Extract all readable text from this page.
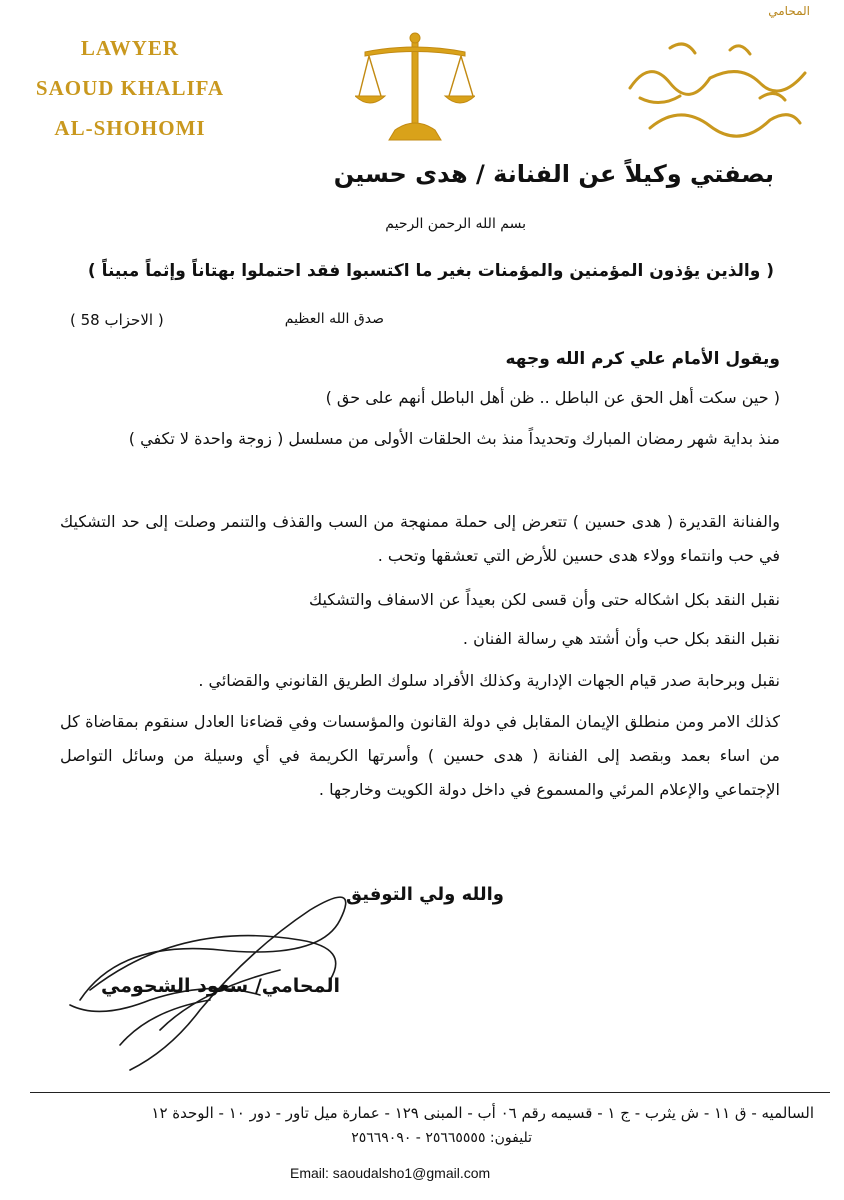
LAWYER
SAOUD KHALIFA
AL-SHOHOMI
المحامي
بصفتي وكيلاً عن الفنانة / هدى حسين
بسم الله الرحمن الرحيم
( والذين يؤذون المؤمنين والمؤمنات بغير ما اكتسبوا فقد احتملوا بهتاناً وإثماً مبيناً )
صدق الله العظيم
( الاحزاب 58 )
ويقول الأمام علي كرم الله وجهه
( حين سكت أهل الحق عن الباطل .. ظن أهل الباطل أنهم على حق )
منذ بداية شهر رمضان المبارك وتحديداً منذ بث الحلقات الأولى من مسلسل ( زوجة واحدة لا تكفي )
والفنانة القديرة ( هدى حسين ) تتعرض إلى حملة ممنهجة من السب والقذف والتنمر وصلت إلى حد التشكيك في حب وانتماء وولاء هدى حسين للأرض التي تعشقها وتحب .
نقبل النقد بكل اشكاله حتى وأن قسى لكن بعيداً عن الاسفاف والتشكيك
نقبل النقد بكل حب وأن أشتد هي رسالة الفنان .
نقبل وبرحابة صدر قيام الجهات الإدارية وكذلك الأفراد سلوك الطريق القانوني والقضائي .
كذلك الامر ومن منطلق الإيمان المقابل في دولة القانون والمؤسسات وفي قضاءنا العادل سنقوم بمقاضاة كل من اساء بعمد وبقصد إلى الفنانة ( هدى حسين ) وأسرتها الكريمة في أي وسيلة من وسائل التواصل الإجتماعي والإعلام المرئي والمسموع في داخل دولة الكويت وخارجها .
والله ولي التوفيق
المحامي/ سعود الشحومي
السالميه - ق ١١ - ش يثرب - ج ١ - قسيمه رقم ٠٦ أب - المبنى ١٢٩ - عمارة ميل تاور - دور ١٠ - الوحدة ١٢
تليفون: ٢٥٦٦٥٥٥٥ - ٢٥٦٦٩٠٩٠
Email: saoudalsho1@gmail.com
